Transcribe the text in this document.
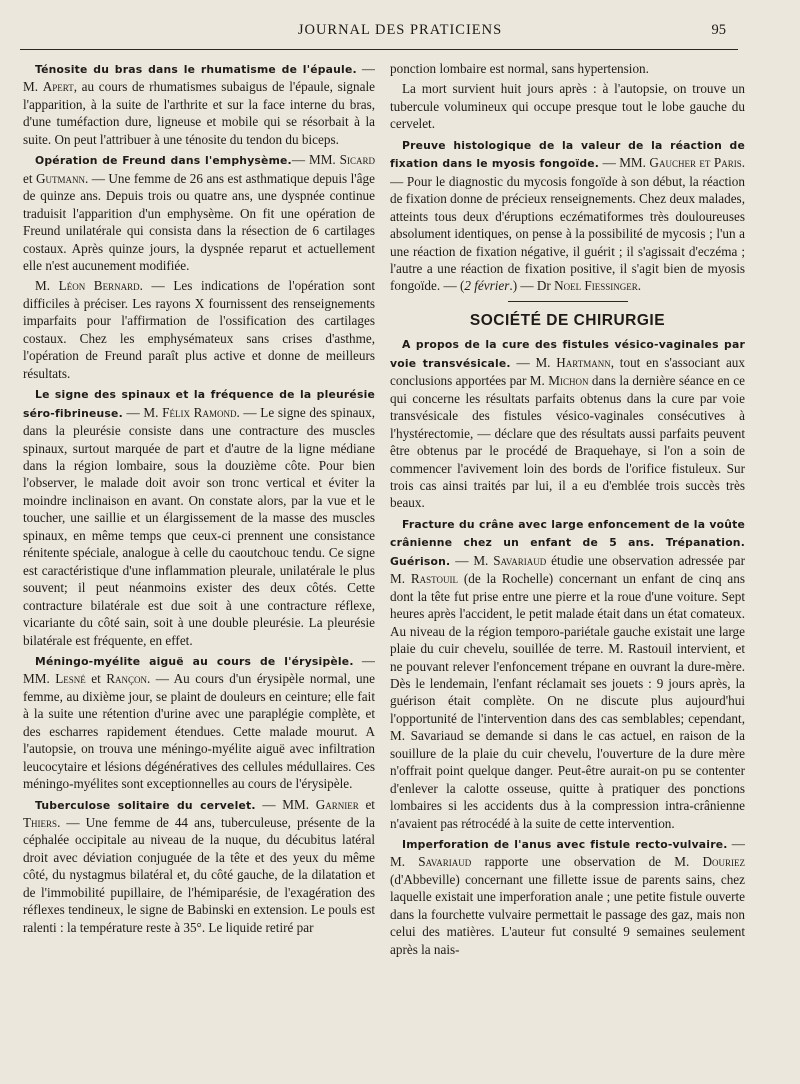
JOURNAL DES PRATICIENS	95

Ténosite du bras dans le rhumatisme de l'épaule. — M. Apert, au cours de rhumatismes subaigus de l'épaule, signale l'apparition, à la suite de l'arthrite et sur la face interne du bras, d'une tuméfaction dure, ligneuse et mobile qui se résorbait à la suite. On peut l'attribuer à une ténosite du tendon du biceps.

Opération de Freund dans l'emphysème.— MM. Sicard et Gutmann. — Une femme de 26 ans est asthmatique depuis l'âge de quinze ans. Depuis trois ou quatre ans, une dyspnée continue traduisit l'apparition d'un emphysème. On fit une opération de Freund unilatérale qui consista dans la résection de 6 cartilages costaux. Après quinze jours, la dyspnée reparut et actuellement elle n'est aucunement modifiée.

M. Léon Bernard. — Les indications de l'opération sont difficiles à préciser. Les rayons X fournissent des renseignements imparfaits pour l'affirmation de l'ossification des cartilages costaux. Chez les emphysémateux sans crises d'asthme, l'opération de Freund paraît plus active et donne de meilleurs résultats.

Le signe des spinaux et la fréquence de la pleurésie séro-fibrineuse. — M. Félix Ramond. — Le signe des spinaux, dans la pleurésie consiste dans une contracture des muscles spinaux, surtout marquée de part et d'autre de la ligne médiane dans la région lombaire, sous la douzième côte. Pour bien l'observer, le malade doit avoir son tronc vertical et éviter la moindre inclinaison en avant. On constate alors, par la vue et le toucher, une saillie et un élargissement de la masse des muscles spinaux, en même temps que ceux-ci prennent une consistance rénitente spéciale, analogue à celle du caoutchouc tendu. Ce signe est caractéristique d'une inflammation pleurale, unilatérale le plus souvent; il peut néanmoins exister des deux côtés. Cette contracture bilatérale est due soit à une contracture réflexe, vicariante du côté sain, soit à une double pleurésie. La pleurésie bilatérale est fréquente, en effet.

Méningo-myélite aiguë au cours de l'érysipèle. — MM. Lesné et Rançon. — Au cours d'un érysipèle normal, une femme, au dixième jour, se plaint de douleurs en ceinture; elle fait à la suite une rétention d'urine avec une paraplégie complète, et des escharres rapidement étendues. Cette malade mourut. A l'autopsie, on trouva une méningo-myélite aiguë avec infiltration leucocytaire et lésions dégénératives des cellules médullaires. Ces méningo-myélites sont exceptionnelles au cours de l'érysipèle.

Tuberculose solitaire du cervelet. — MM. Garnier et Thiers. — Une femme de 44 ans, tuberculeuse, présente de la céphalée occipitale au niveau de la nuque, du décubitus latéral droit avec déviation conjuguée de la tête et des yeux du même côté, du nystagmus bilatéral et, du côté gauche, de la dilatation et de l'immobilité pupillaire, de l'hémiparésie, de l'exagération des réflexes tendineux, le signe de Babinski en extension. Le pouls est ralenti : la température reste à 35°. Le liquide retiré par

ponction lombaire est normal, sans hypertension.

La mort survient huit jours après : à l'autopsie, on trouve un tubercule volumineux qui occupe presque tout le lobe gauche du cervelet.

Preuve histologique de la valeur de la réaction de fixation dans le myosis fongoïde. — MM. Gaucher et Paris. — Pour le diagnostic du mycosis fongoïde à son début, la réaction de fixation donne de précieux renseignements. Chez deux malades, atteints tous deux d'éruptions eczématiformes très douloureuses absolument identiques, on pense à la possibilité de mycosis ; l'un a une réaction de fixation négative, il guérit ; il s'agissait d'eczéma ; l'autre a une réaction de fixation positive, il s'agit bien de myosis fongoïde. — (2 février.) — Dr Noel Fiessinger.

SOCIÉTÉ DE CHIRURGIE

A propos de la cure des fistules vésico-vaginales par voie transvésicale. — M. Hartmann, tout en s'associant aux conclusions apportées par M. Michon dans la dernière séance en ce qui concerne les résultats parfaits obtenus dans la cure par voie transvésicale des fistules vésico-vaginales consécutives à l'hystérectomie, — déclare que des résultats aussi parfaits peuvent être obtenus par le procédé de Braquehaye, si l'on a soin de commencer l'avivement loin des bords de l'orifice fistuleux. Sur trois cas ainsi traités par lui, il a eu d'emblée trois succès très beaux.

Fracture du crâne avec large enfoncement de la voûte crânienne chez un enfant de 5 ans. Trépanation. Guérison. — M. Savariaud étudie une observation adressée par M. Rastouil (de la Rochelle) concernant un enfant de cinq ans dont la tête fut prise entre une pierre et la roue d'une voiture. Sept heures après l'accident, le petit malade était dans un état comateux. Au niveau de la région temporo-pariétale gauche existait une large plaie du cuir chevelu, souillée de terre. M. Rastouil intervient, et ne pouvant relever l'enfoncement trépane en ouvrant la dure-mère. Dès le lendemain, l'enfant réclamait ses jouets : 9 jours après, la guérison était complète. On ne discute plus aujourd'hui l'opportunité de l'intervention dans des cas semblables; cependant, M. Savariaud se demande si dans le cas actuel, en raison de la souillure de la plaie du cuir chevelu, l'ouverture de la dure mère n'offrait point quelque danger. Peut-être aurait-on pu se contenter d'enlever la calotte osseuse, quitte à pratiquer des ponctions lombaires si les accidents dus à la compression intra-crânienne n'avaient pas rétrocédé à la suite de cette intervention.

Imperforation de l'anus avec fistule recto-vulvaire. — M. Savariaud rapporte une observation de M. Douriez (d'Abbeville) concernant une fillette issue de parents sains, chez laquelle existait une imperforation anale ; une petite fistule ouverte dans la fourchette vulvaire permettait le passage des gaz, mais non celui des matières. L'auteur fut consulté 9 semaines seulement après la nais-
